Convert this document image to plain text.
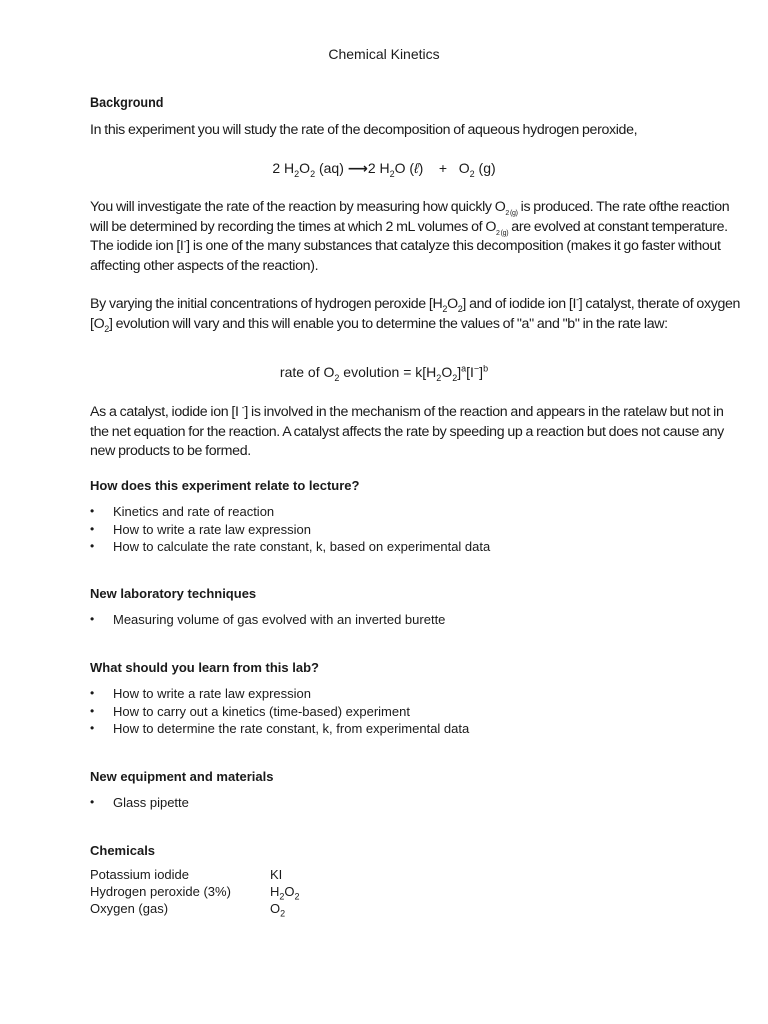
Chemical Kinetics
Background
In this experiment you will study the rate of the decomposition of aqueous hydrogen peroxide,
2 $H_2O_2$ (aq) ⟶2 $H_2O$ (ℓ) + $O_2$ (g)
You will investigate the rate of the reaction by measuring how quickly $O_{2 (g)}$ is produced. The rate ofthe reaction will be determined by recording the times at which 2 mL volumes of $O_{2 (g)}$ are evolved at constant temperature. The iodide ion [I-] is one of the many substances that catalyze this decomposition (makes it go faster without affecting other aspects of the reaction).
By varying the initial concentrations of hydrogen peroxide $[H_2O_2]$ and of iodide ion [I-] catalyst, therate of oxygen $[O_2]$ evolution will vary and this will enable you to determine the values of "a" and "b" in the rate law:
rate of $O_2$ evolution = $k[H_2O_2]^a[I^-]^b$
As a catalyst, iodide ion [I -] is involved in the mechanism of the reaction and appears in the ratelaw but not in the net equation for the reaction. A catalyst affects the rate by speeding up a reaction but does not cause any new products to be formed.
How does this experiment relate to lecture?
• Kinetics and rate of reaction
• How to write a rate law expression
• How to calculate the rate constant, k, based on experimental data
New laboratory techniques
• Measuring volume of gas evolved with an inverted burette
What should you learn from this lab?
• How to write a rate law expression
• How to carry out a kinetics (time-based) experiment
• How to determine the rate constant, k, from experimental data
New equipment and materials
• Glass pipette
Chemicals
Potassium iodide	KI
Hydrogen peroxide (3%)	$H_2O_2$
Oxygen (gas)	$O_2$
